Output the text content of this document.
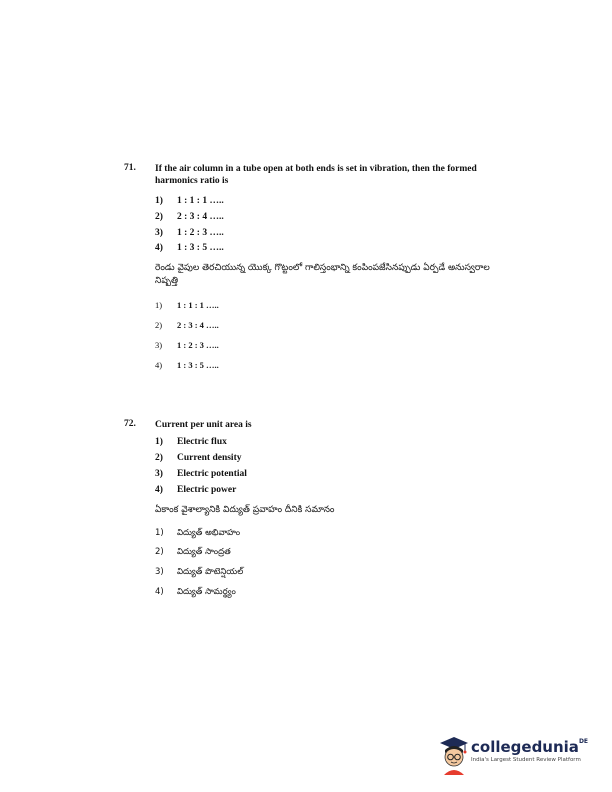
71. If the air column in a tube open at both ends is set in vibration, then the formed harmonics ratio is
1) 1 : 1 : 1 …..
2) 2 : 3 : 4 …..
3) 1 : 2 : 3 …..
4) 1 : 3 : 5 …..
రెండు వైపుల తెరచియున్న యొక్క గొట్టంలో గాలిస్తంభాన్ని కంపింపజేసినప్పుడు ఏర్పడే అనుస్వరాల నిష్పత్తి
1) 1 : 1 : 1 …..
2) 2 : 3 : 4 …..
3) 1 : 2 : 3 …..
4) 1 : 3 : 5 …..
72. Current per unit area is
1) Electric flux
2) Current density
3) Electric potential
4) Electric power
ఏకాంక వైశాల్యానికి విద్యుత్ ప్రవాహం దీనికి సమానం
1) విద్యుత్ అభివాహం
2) విద్యుత్ సాంద్రత
3) విద్యుత్ పొటెన్షియల్
4) విద్యుత్ సామర్థ్యం
collegedunia$^{DE}$
India's Largest Student Review Platform
